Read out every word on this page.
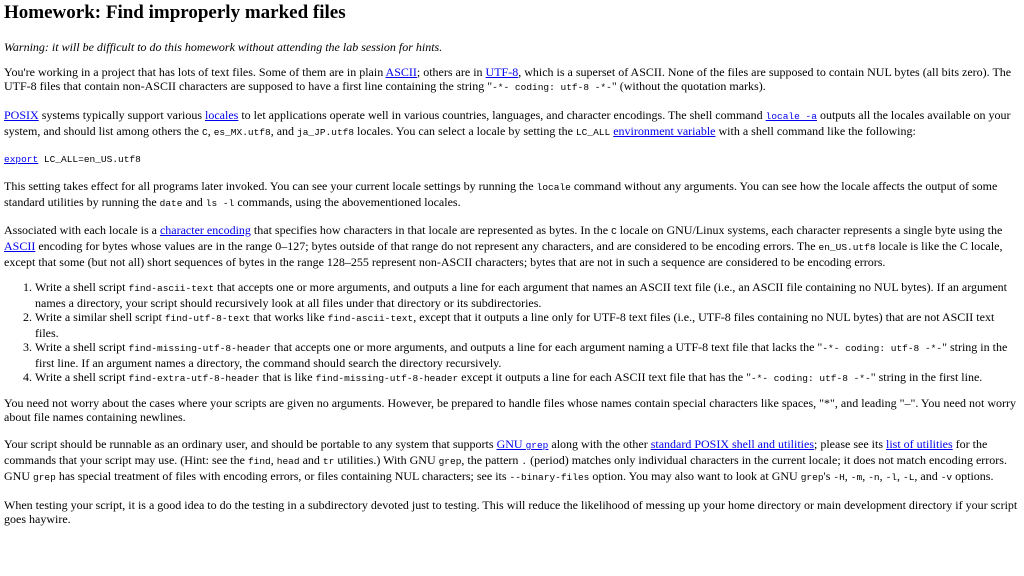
Homework: Find improperly marked files

Warning: it will be difficult to do this homework without attending the lab session for hints.

You're working in a project that has lots of text files. Some of them are in plain ASCII; others are in UTF-8, which is a superset of ASCII. None of the files are supposed to contain NUL bytes (all bits zero). The UTF-8 files that contain non-ASCII characters are supposed to have a first line containing the string "-*- coding: utf-8 -*-" (without the quotation marks).

POSIX systems typically support various locales to let applications operate well in various countries, languages, and character encodings. The shell command locale -a outputs all the locales available on your system, and should list among others the C, es_MX.utf8, and ja_JP.utf8 locales. You can select a locale by setting the LC_ALL environment variable with a shell command like the following:

export LC_ALL=en_US.utf8

This setting takes effect for all programs later invoked. You can see your current locale settings by running the locale command without any arguments. You can see how the locale affects the output of some standard utilities by running the date and ls -l commands, using the abovementioned locales.

Associated with each locale is a character encoding that specifies how characters in that locale are represented as bytes. In the C locale on GNU/Linux systems, each character represents a single byte using the ASCII encoding for bytes whose values are in the range 0–127; bytes outside of that range do not represent any characters, and are considered to be encoding errors. The en_US.utf8 locale is like the C locale, except that some (but not all) short sequences of bytes in the range 128–255 represent non-ASCII characters; bytes that are not in such a sequence are considered to be encoding errors.

1. Write a shell script find-ascii-text that accepts one or more arguments, and outputs a line for each argument that names an ASCII text file (i.e., an ASCII file containing no NUL bytes). If an argument names a directory, your script should recursively look at all files under that directory or its subdirectories.
2. Write a similar shell script find-utf-8-text that works like find-ascii-text, except that it outputs a line only for UTF-8 text files (i.e., UTF-8 files containing no NUL bytes) that are not ASCII text files.
3. Write a shell script find-missing-utf-8-header that accepts one or more arguments, and outputs a line for each argument naming a UTF-8 text file that lacks the "-*- coding: utf-8 -*-" string in the first line. If an argument names a directory, the command should search the directory recursively.
4. Write a shell script find-extra-utf-8-header that is like find-missing-utf-8-header except it outputs a line for each ASCII text file that has the "-*- coding: utf-8 -*-" string in the first line.

You need not worry about the cases where your scripts are given no arguments. However, be prepared to handle files whose names contain special characters like spaces, "*", and leading "–". You need not worry about file names containing newlines.

Your script should be runnable as an ordinary user, and should be portable to any system that supports GNU grep along with the other standard POSIX shell and utilities; please see its list of utilities for the commands that your script may use. (Hint: see the find, head and tr utilities.) With GNU grep, the pattern . (period) matches only individual characters in the current locale; it does not match encoding errors. GNU grep has special treatment of files with encoding errors, or files containing NUL characters; see its --binary-files option. You may also want to look at GNU grep's -H, -m, -n, -l, -L, and -v options.

When testing your script, it is a good idea to do the testing in a subdirectory devoted just to testing. This will reduce the likelihood of messing up your home directory or main development directory if your script goes haywire.
